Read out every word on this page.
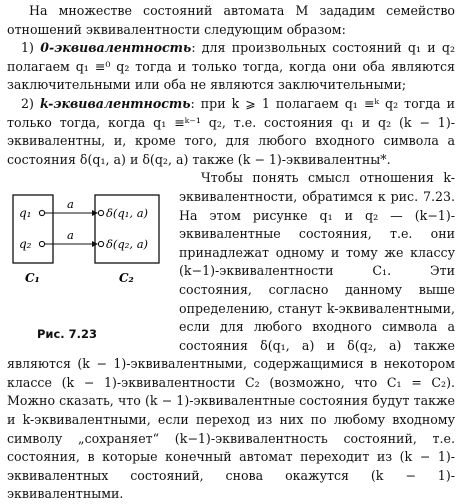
На множестве состояний автомата M зададим семейство отношений эквивалентности следующим образом:

1) 0-эквивалентность: для произвольных состояний q₁ и q₂ полагаем q₁ ≡⁰ q₂ тогда и только тогда, когда они оба являются заключительными или оба не являются заключительными;

2) k-эквивалентность: при k ⩾ 1 полагаем q₁ ≡ᵏ q₂ тогда и только тогда, когда q₁ ≡ᵏ⁻¹ q₂, т.е. состояния q₁ и q₂ (k − 1)-эквивалентны, и, кроме того, для любого входного символа a состояния δ(q₁, a) и δ(q₂, a) также (k − 1)-эквивалентны*.

q₁
q₂
a
a
δ(q₁, a)
δ(q₂, a)
C₁	C₂
Рис. 7.23

Чтобы понять смысл отношения k-эквивалентности, обратимся к рис. 7.23. На этом рисунке q₁ и q₂ — (k−1)-эквивалентные состояния, т.е. они принадлежат одному и тому же классу (k−1)-эквивалентности C₁. Эти состояния, согласно данному выше определению, станут k-эквивалентными, если для любого входного символа a состояния δ(q₁, a) и δ(q₂, a) также являются (k − 1)-эквивалентными, содержащимися в некотором классе (k − 1)-эквивалентности C₂ (возможно, что C₁ = C₂). Можно сказать, что (k − 1)-эквивалентные состояния будут также и k-эквивалентными, если переход из них по любому входному символу „сохраняет“ (k−1)-эквивалентность состояний, т.е. состояния, в которые конечный автомат переходит из (k − 1)-эквивалентных состояний, снова окажутся (k − 1)-эквивалентными.
